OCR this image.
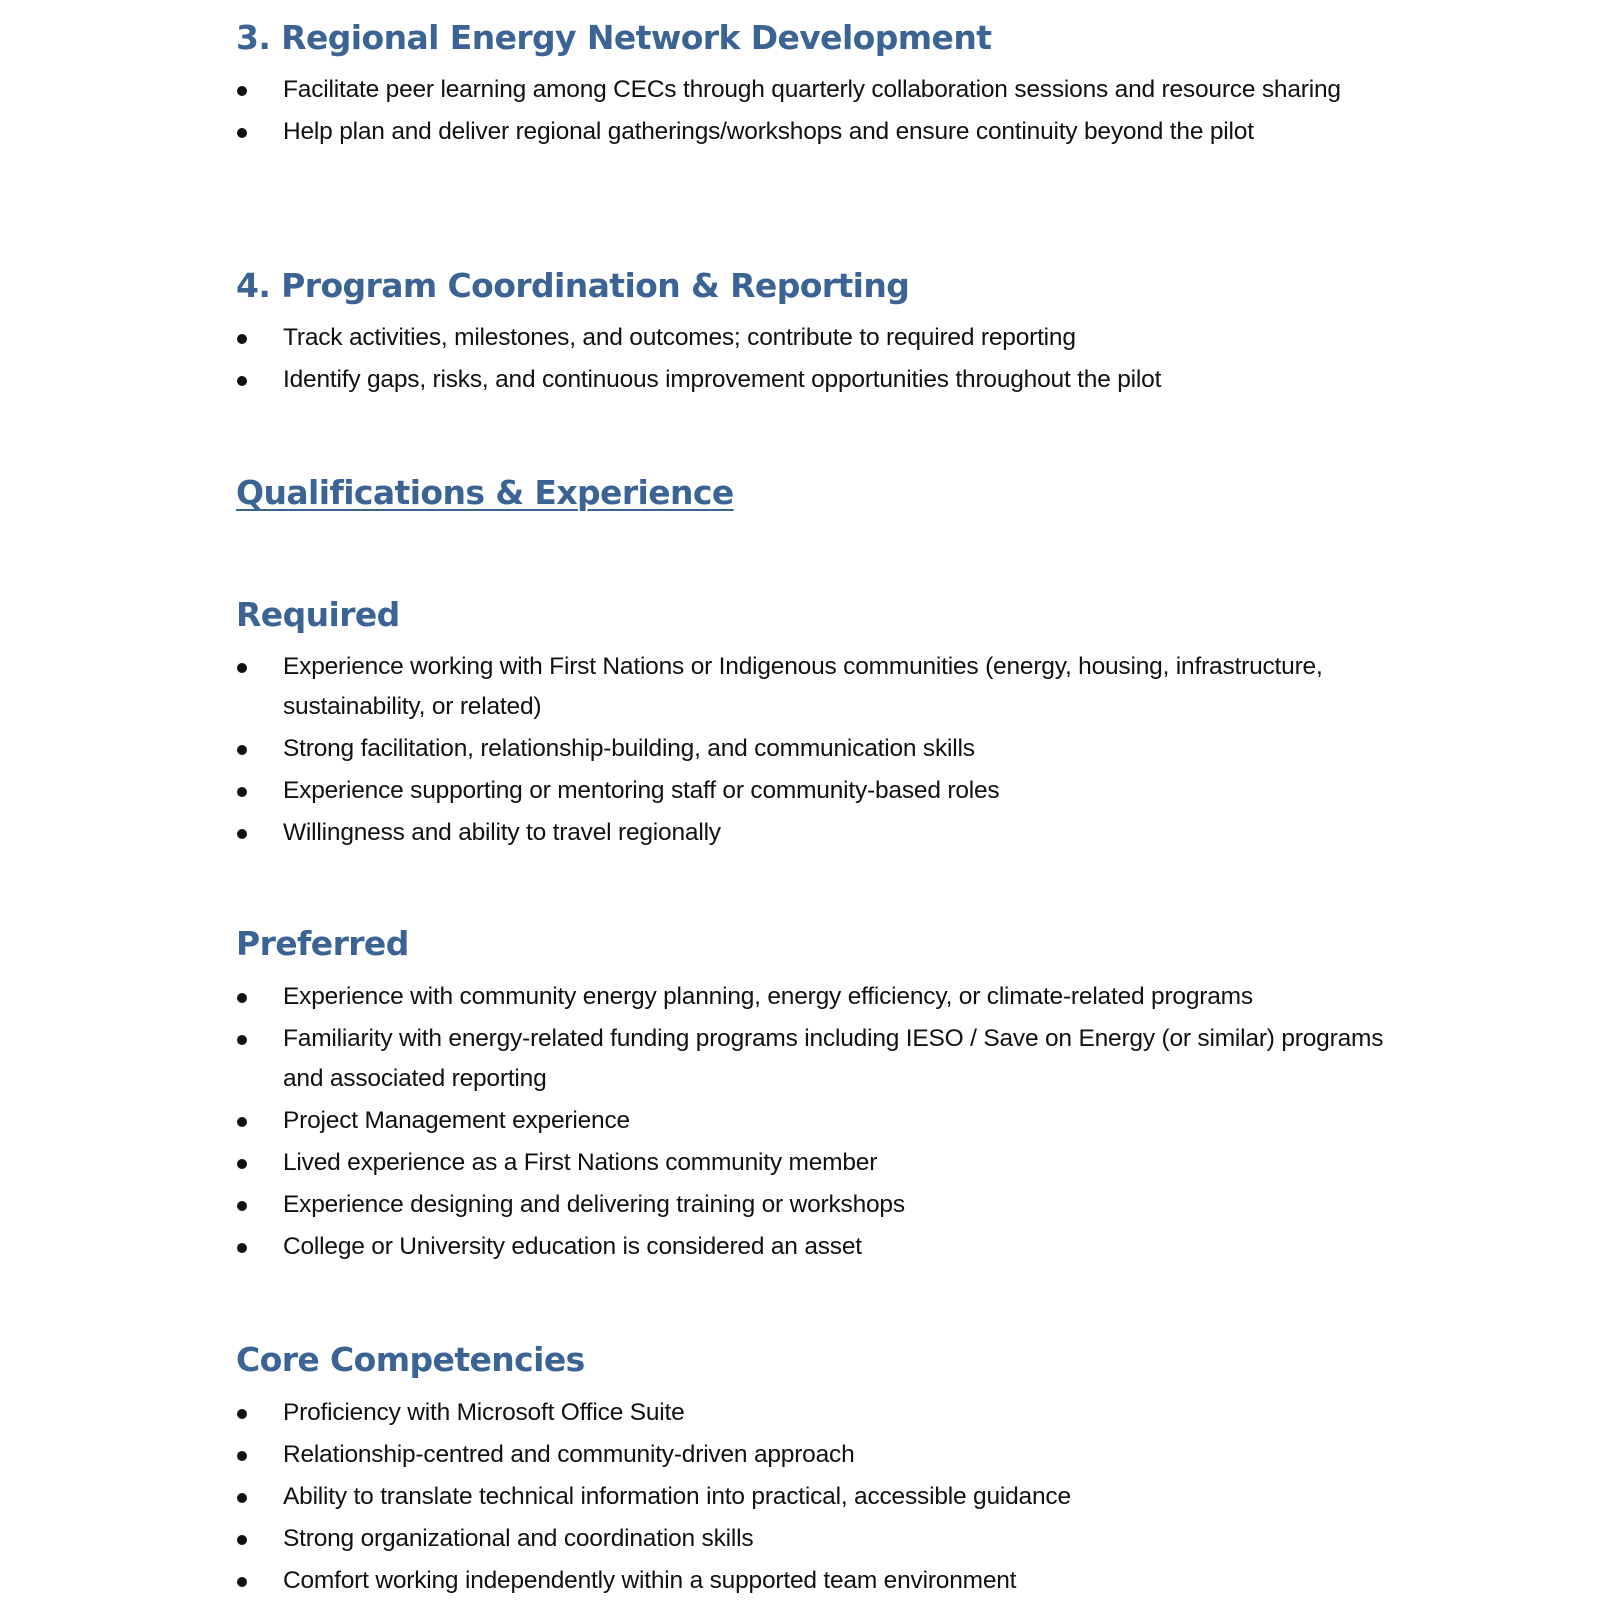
3. Regional Energy Network Development
Facilitate peer learning among CECs through quarterly collaboration sessions and resource sharing
Help plan and deliver regional gatherings/workshops and ensure continuity beyond the pilot
4. Program Coordination & Reporting
Track activities, milestones, and outcomes; contribute to required reporting
Identify gaps, risks, and continuous improvement opportunities throughout the pilot
Qualifications & Experience
Required
Experience working with First Nations or Indigenous communities (energy, housing, infrastructure, sustainability, or related)
Strong facilitation, relationship-building, and communication skills
Experience supporting or mentoring staff or community-based roles
Willingness and ability to travel regionally
Preferred
Experience with community energy planning, energy efficiency, or climate-related programs
Familiarity with energy-related funding programs including IESO / Save on Energy (or similar) programs and associated reporting
Project Management experience
Lived experience as a First Nations community member
Experience designing and delivering training or workshops
College or University education is considered an asset
Core Competencies
Proficiency with Microsoft Office Suite
Relationship-centred and community-driven approach
Ability to translate technical information into practical, accessible guidance
Strong organizational and coordination skills
Comfort working independently within a supported team environment
